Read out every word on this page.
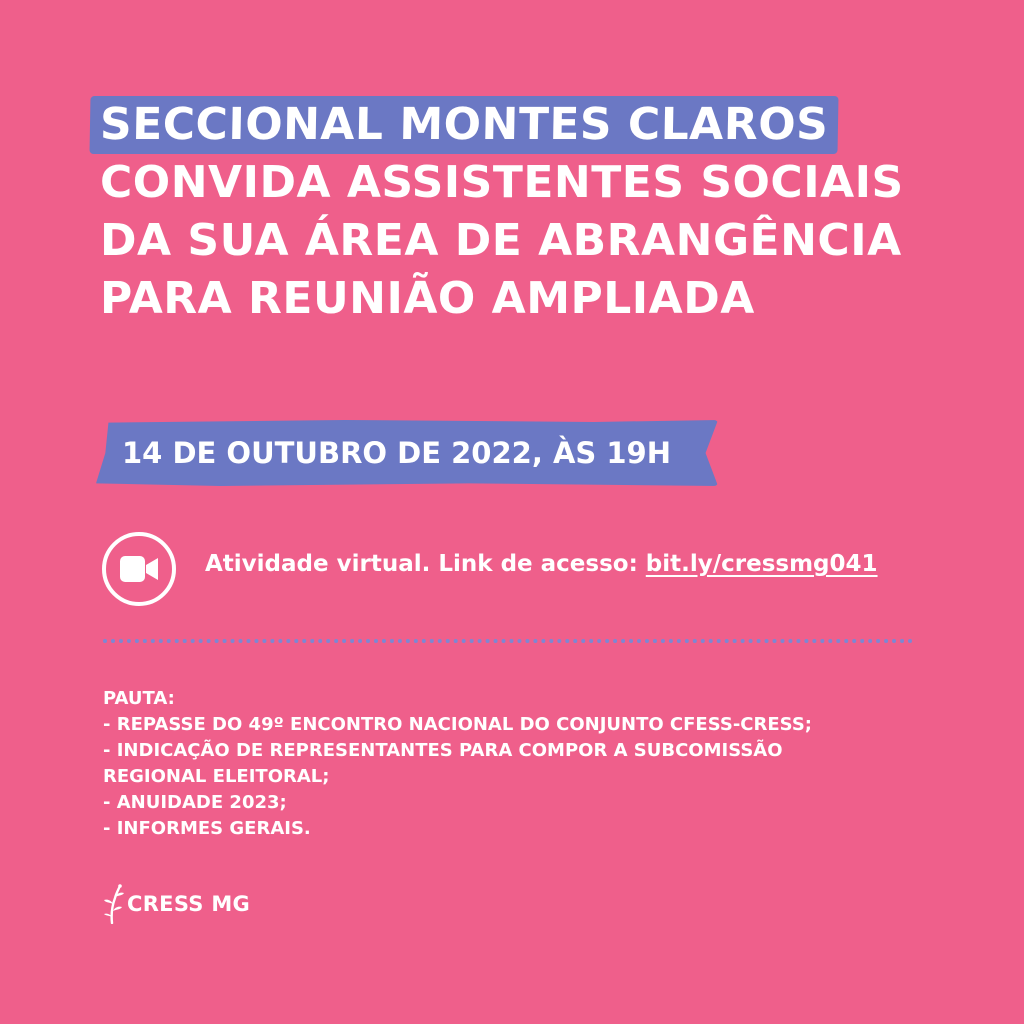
SECCIONAL MONTES CLAROS
CONVIDA ASSISTENTES SOCIAIS
DA SUA ÁREA DE ABRANGÊNCIA
PARA REUNIÃO AMPLIADA
14 DE OUTUBRO DE 2022, ÀS 19H
Atividade virtual. Link de acesso: bit.ly/cressmg041
PAUTA:
- REPASSE DO 49º ENCONTRO NACIONAL DO CONJUNTO CFESS-CRESS;
- INDICAÇÃO DE REPRESENTANTES PARA COMPOR A SUBCOMISSÃO
REGIONAL ELEITORAL;
- ANUIDADE 2023;
- INFORMES GERAIS.
CRESS MG
